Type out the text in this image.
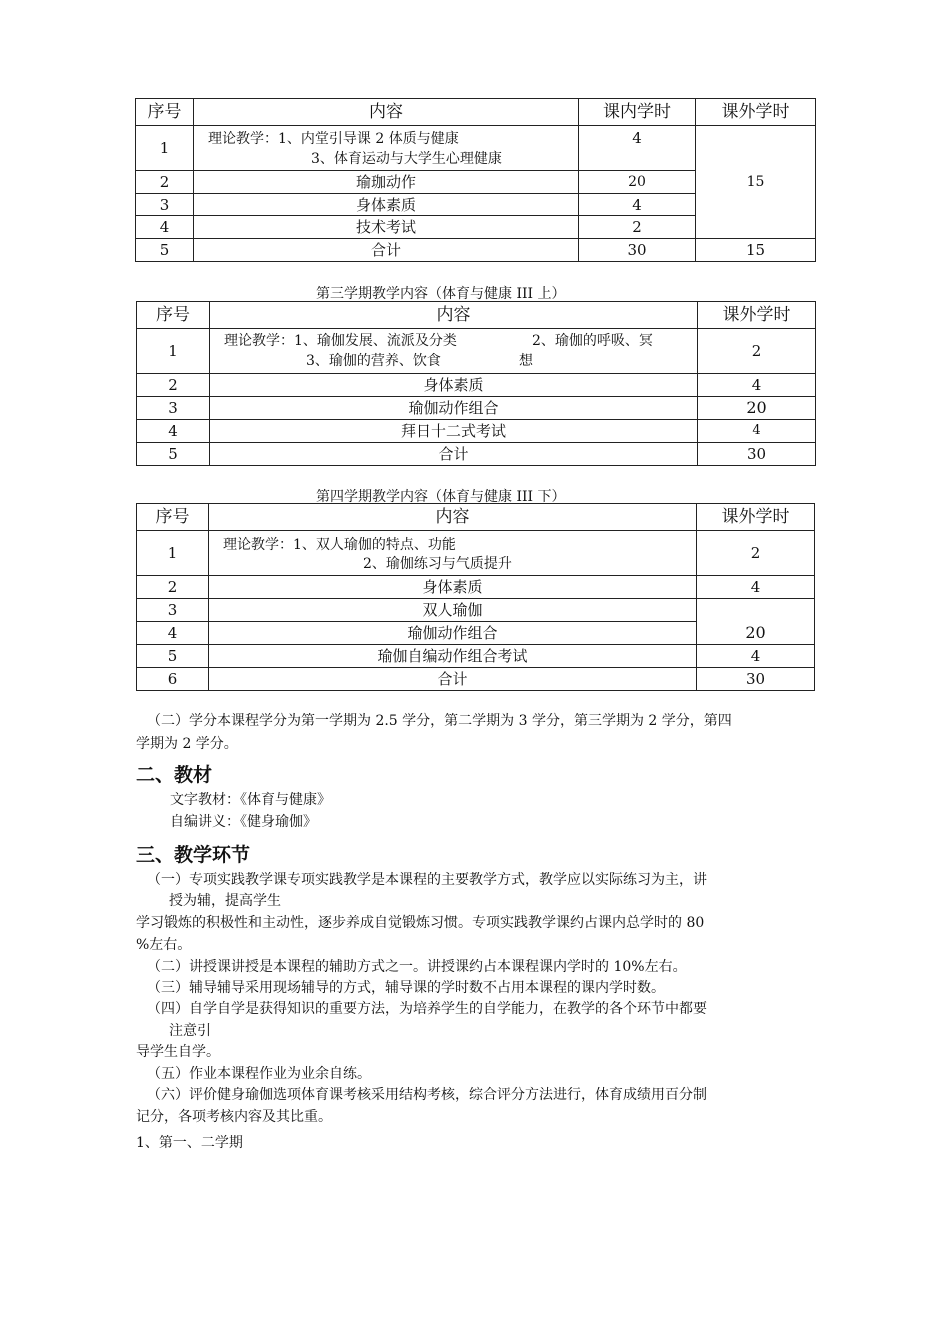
序号	内容	课内学时	课外学时
1	理论教学：1、内堂引导课 2 体质与健康
3、体育运动与大学生心理健康	4	15
2	瑜珈动作	20	
3	身体素质	4	
4	技术考试	2	
5	合计	30	15
第三学期教学内容（体育与健康 III 上）
序号	内容	课外学时
1	理论教学：1、瑜伽发展、流派及分类 2、瑜伽的呼吸、冥
3、瑜伽的营养、饮食 想	2
2	身体素质	4
3	瑜伽动作组合	20
4	拜日十二式考试	4
5	合计	30
第四学期教学内容（体育与健康 III 下）
序号	内容	课外学时
1	理论教学：1、双人瑜伽的特点、功能
2、瑜伽练习与气质提升	2
2	身体素质	4
3	双人瑜伽	20
4	瑜伽动作组合	
5	瑜伽自编动作组合考试	4
6	合计	30
（二）学分本课程学分为第一学期为 2.5 学分，第二学期为 3 学分，第三学期为 2 学分，第四
学期为 2 学分。
二、教材
文字教材：《体育与健康》
自编讲义：《健身瑜伽》
三、教学环节
（一）专项实践教学课专项实践教学是本课程的主要教学方式，教学应以实际练习为主，讲
授为辅，提高学生
学习锻炼的积极性和主动性，逐步养成自觉锻炼习惯。专项实践教学课约占课内总学时的 80
%左右。
（二）讲授课讲授是本课程的辅助方式之一。讲授课约占本课程课内学时的 10%左右。
（三）辅导辅导采用现场辅导的方式，辅导课的学时数不占用本课程的课内学时数。
（四）自学自学是获得知识的重要方法，为培养学生的自学能力，在教学的各个环节中都要
注意引
导学生自学。
（五）作业本课程作业为业余自练。
（六）评价健身瑜伽选项体育课考核采用结构考核，综合评分方法进行，体育成绩用百分制
记分，各项考核内容及其比重。
1、第一、二学期
